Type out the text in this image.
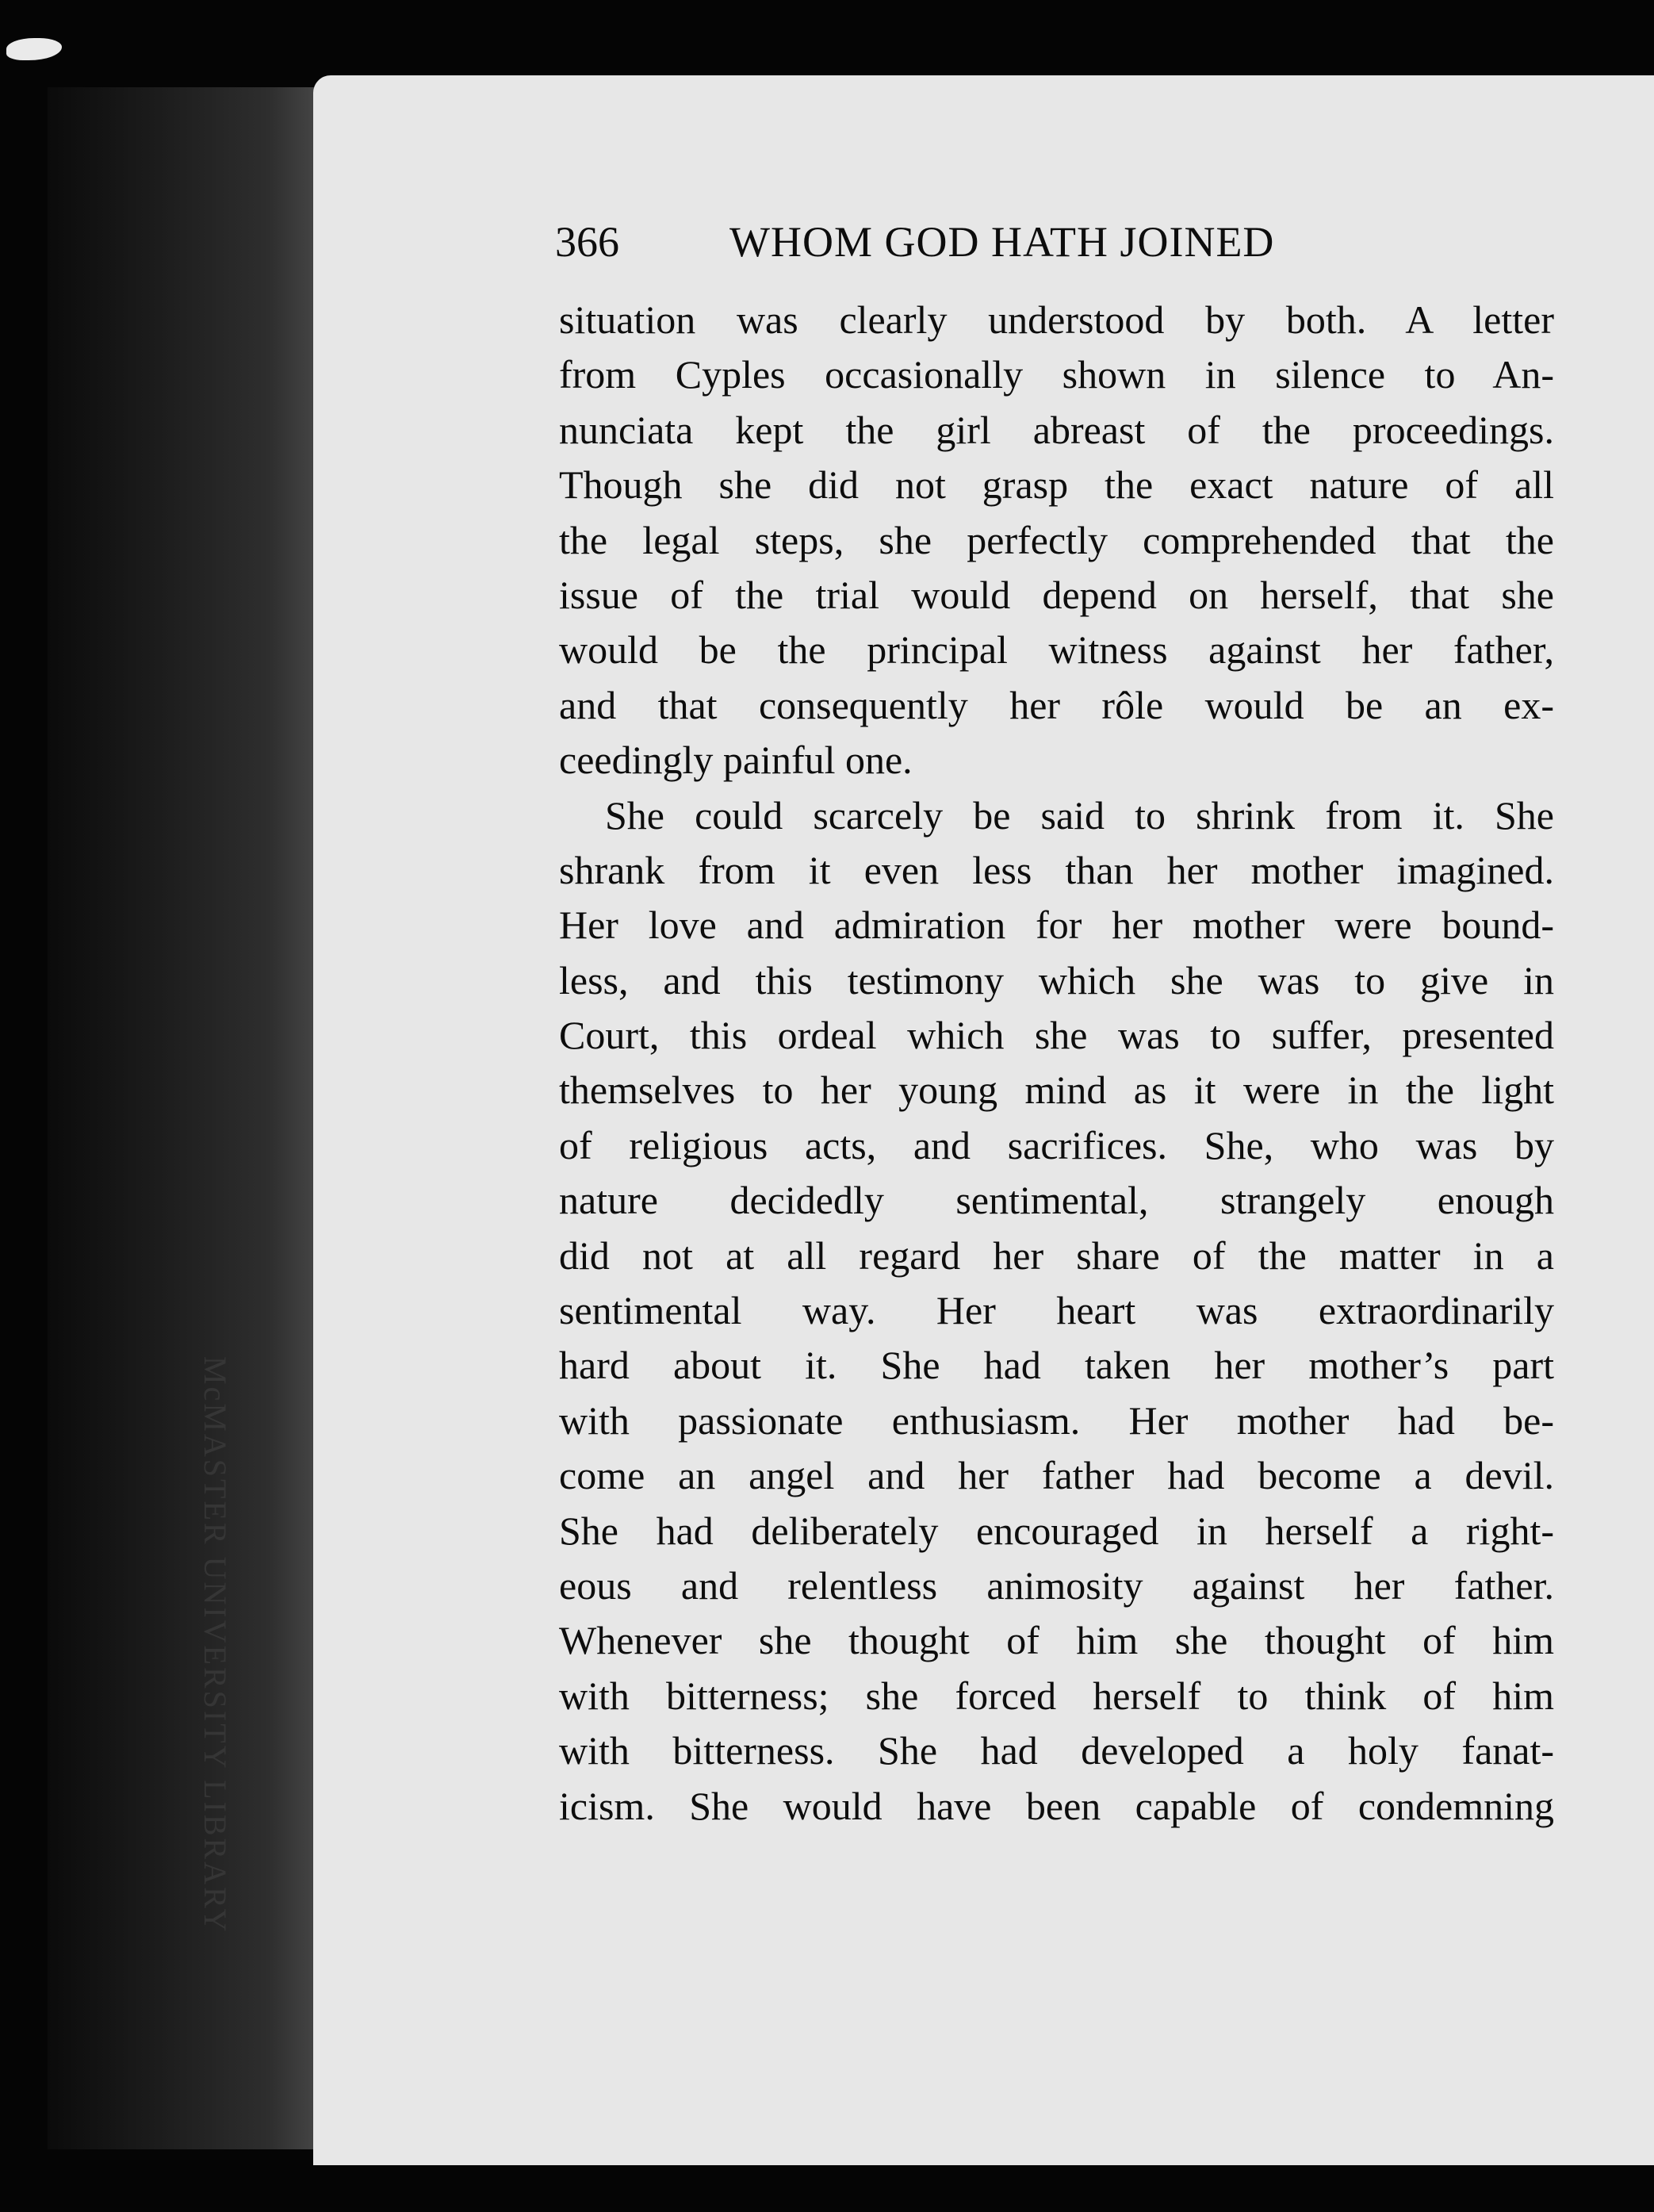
McMASTER UNIVERSITY LIBRARY
366	WHOM GOD HATH JOINED
situation was clearly understood by both. A letter
from Cyples occasionally shown in silence to An-
nunciata kept the girl abreast of the proceedings.
Though she did not grasp the exact nature of all
the legal steps, she perfectly comprehended that the
issue of the trial would depend on herself, that she
would be the principal witness against her father,
and that consequently her rôle would be an ex-
ceedingly painful one.
She could scarcely be said to shrink from it. She
shrank from it even less than her mother imagined.
Her love and admiration for her mother were bound-
less, and this testimony which she was to give in
Court, this ordeal which she was to suffer, presented
themselves to her young mind as it were in the light
of religious acts, and sacrifices. She, who was by
nature decidedly sentimental, strangely enough
did not at all regard her share of the matter in a
sentimental way. Her heart was extraordinarily
hard about it. She had taken her mother’s part
with passionate enthusiasm. Her mother had be-
come an angel and her father had become a devil.
She had deliberately encouraged in herself a right-
eous and relentless animosity against her father.
Whenever she thought of him she thought of him
with bitterness; she forced herself to think of him
with bitterness. She had developed a holy fanat-
icism. She would have been capable of condemning
